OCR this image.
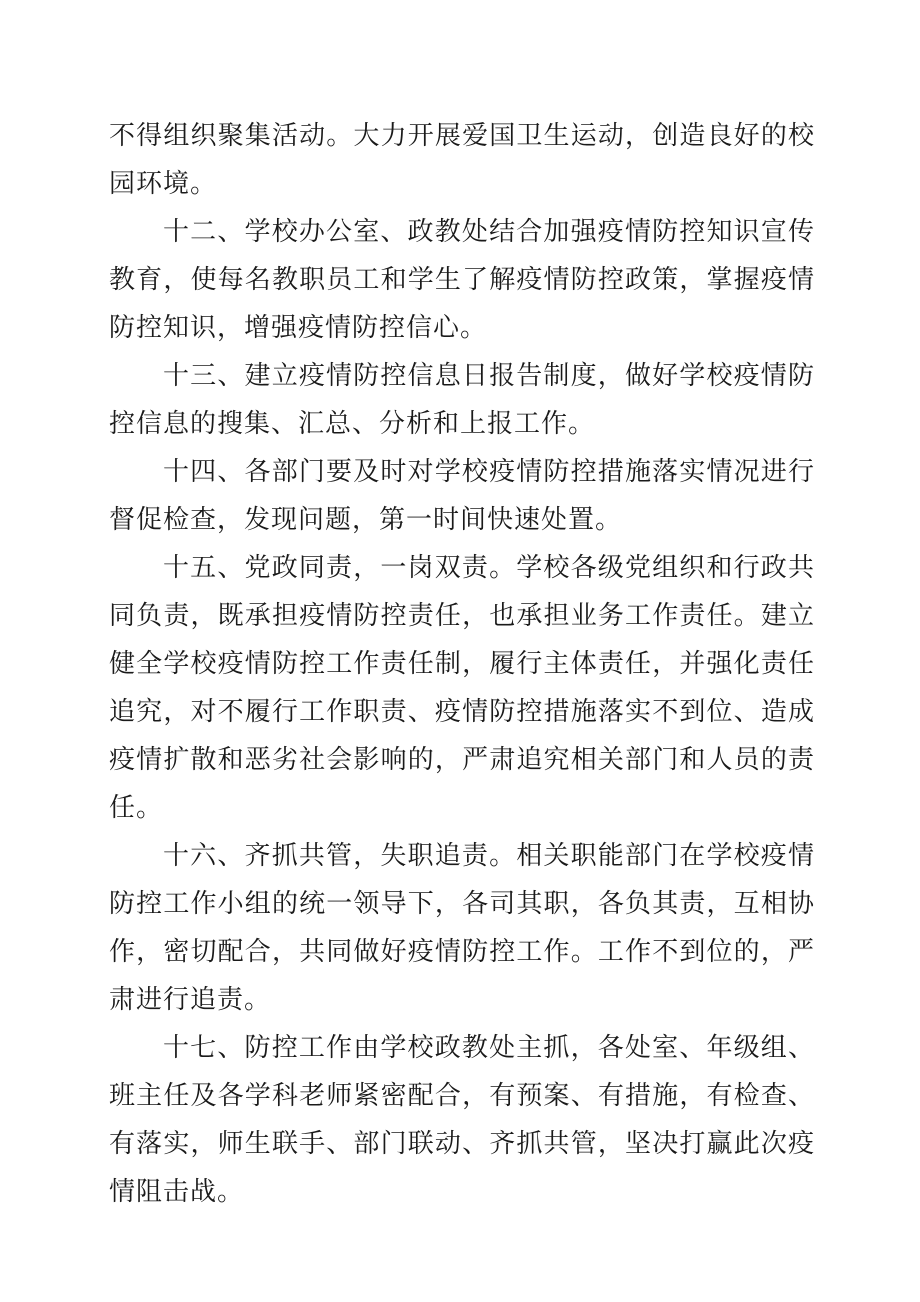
不得组织聚集活动。大力开展爱国卫生运动，创造良好的校园环境。

十二、学校办公室、政教处结合加强疫情防控知识宣传教育，使每名教职员工和学生了解疫情防控政策，掌握疫情防控知识，增强疫情防控信心。

十三、建立疫情防控信息日报告制度，做好学校疫情防控信息的搜集、汇总、分析和上报工作。

十四、各部门要及时对学校疫情防控措施落实情况进行督促检查，发现问题，第一时间快速处置。

十五、党政同责，一岗双责。学校各级党组织和行政共同负责，既承担疫情防控责任，也承担业务工作责任。建立健全学校疫情防控工作责任制，履行主体责任，并强化责任追究，对不履行工作职责、疫情防控措施落实不到位、造成疫情扩散和恶劣社会影响的，严肃追究相关部门和人员的责任。

十六、齐抓共管，失职追责。相关职能部门在学校疫情防控工作小组的统一领导下，各司其职，各负其责，互相协作，密切配合，共同做好疫情防控工作。工作不到位的，严肃进行追责。

十七、防控工作由学校政教处主抓，各处室、年级组、班主任及各学科老师紧密配合，有预案、有措施，有检查、有落实，师生联手、部门联动、齐抓共管，坚决打赢此次疫情阻击战。
